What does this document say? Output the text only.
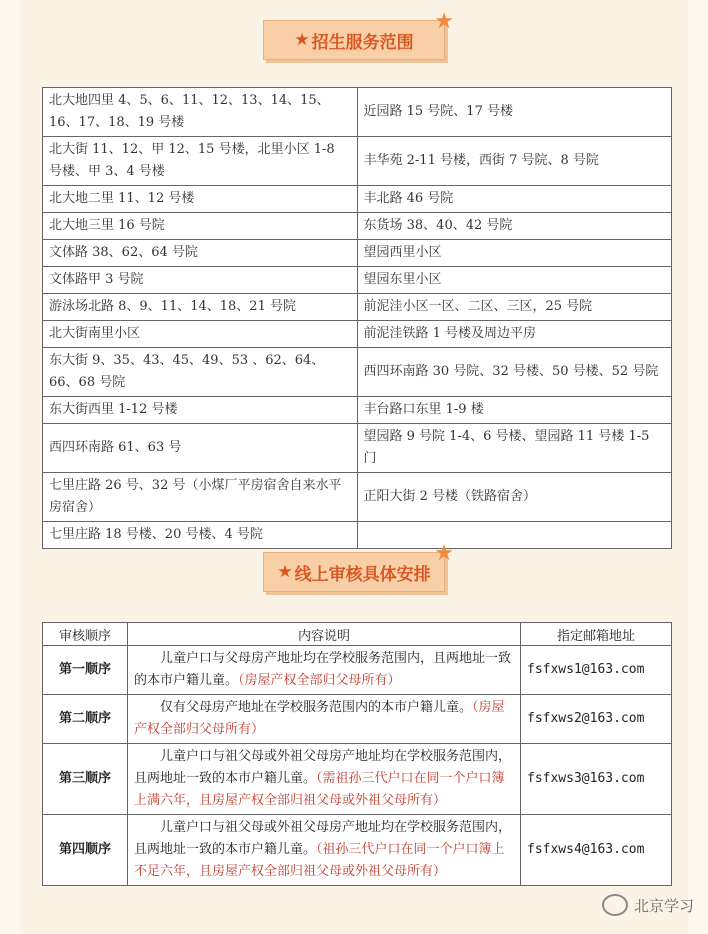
★ 招生服务范围
★
北大地四里 4、5、6、11、12、13、14、15、16、17、18、19 号楼	近园路 15 号院、17 号楼
北大街 11、12、甲 12、15 号楼，北里小区 1-8 号楼、甲 3、4 号楼	丰华苑 2-11 号楼，西街 7 号院、8 号院
北大地二里 11、12 号楼	丰北路 46 号院
北大地三里 16 号院	东货场 38、40、42 号院
文体路 38、62、64 号院	望园西里小区
文体路甲 3 号院	望园东里小区
游泳场北路 8、9、11、14、18、21 号院	前泥洼小区一区、二区、三区，25 号院
北大街南里小区	前泥洼铁路 1 号楼及周边平房
东大街 9、35、43、45、49、53 、62、64、66、68 号院	西四环南路 30 号院、32 号楼、50 号楼、52 号院
东大街西里 1-12 号楼	丰台路口东里 1-9 楼
西四环南路 61、63 号	望园路 9 号院 1-4、6 号楼、望园路 11 号楼 1-5 门
七里庄路 26 号、32 号（小煤厂平房宿舍自来水平房宿舍）	正阳大街 2 号楼（铁路宿舍）
七里庄路 18 号楼、20 号楼、4 号院	
★ 线上审核具体安排
★
审核顺序	内容说明	指定邮箱地址
第一顺序	儿童户口与父母房产地址均在学校服务范围内，且两地址一致的本市户籍儿童。（房屋产权全部归父母所有）	fsfxws1@163.com
第二顺序	仅有父母房产地址在学校服务范围内的本市户籍儿童。（房屋产权全部归父母所有）	fsfxws2@163.com
第三顺序	儿童户口与祖父母或外祖父母房产地址均在学校服务范围内，且两地址一致的本市户籍儿童。（需祖孙三代户口在同一个户口簿上满六年，且房屋产权全部归祖父母或外祖父母所有）	fsfxws3@163.com
第四顺序	儿童户口与祖父母或外祖父母房产地址均在学校服务范围内，且两地址一致的本市户籍儿童。（祖孙三代户口在同一个户口簿上不足六年，且房屋产权全部归祖父母或外祖父母所有）	fsfxws4@163.com
北京学习
